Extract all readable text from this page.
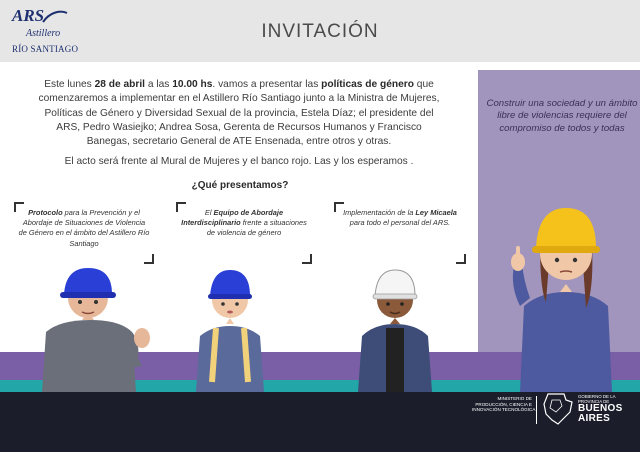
ARS
Astillero
RÍO SANTIAGO
INVITACIÓN

Este lunes 28 de abril a las 10.00 hs. vamos a presentar las políticas de género que comenzaremos a implementar en el Astillero Río Santiago junto a la Ministra de Mujeres, Políticas de Género y Diversidad Sexual de la provincia, Estela Díaz; el presidente del ARS, Pedro Wasiejko; Andrea Sosa, Gerenta de Recursos Humanos y Francisco Banegas, secretario General de ATE Ensenada, entre otros y otras.

El acto será frente al Mural de Mujeres y el banco rojo. Las y los esperamos .

¿Qué presentamos?
Construir una sociedad y un ámbito libre de violencias requiere del compromiso de todos y todas
Protocolo para la Prevención y el Abordaje de Situaciones de Violencia de Género en el ámbito del Astillero Río Santiago
El Equipo de Abordaje Interdisciplinario frente a situaciones de violencia de género
Implementación de la Ley Micaela para todo el personal del ARS.
MINISTERIO DE
PRODUCCIÓN, CIENCIA E
INNOVACIÓN TECNOLÓGICA
GOBIERNO DE LA
PROVINCIA DE
BUENOS
AIRES
